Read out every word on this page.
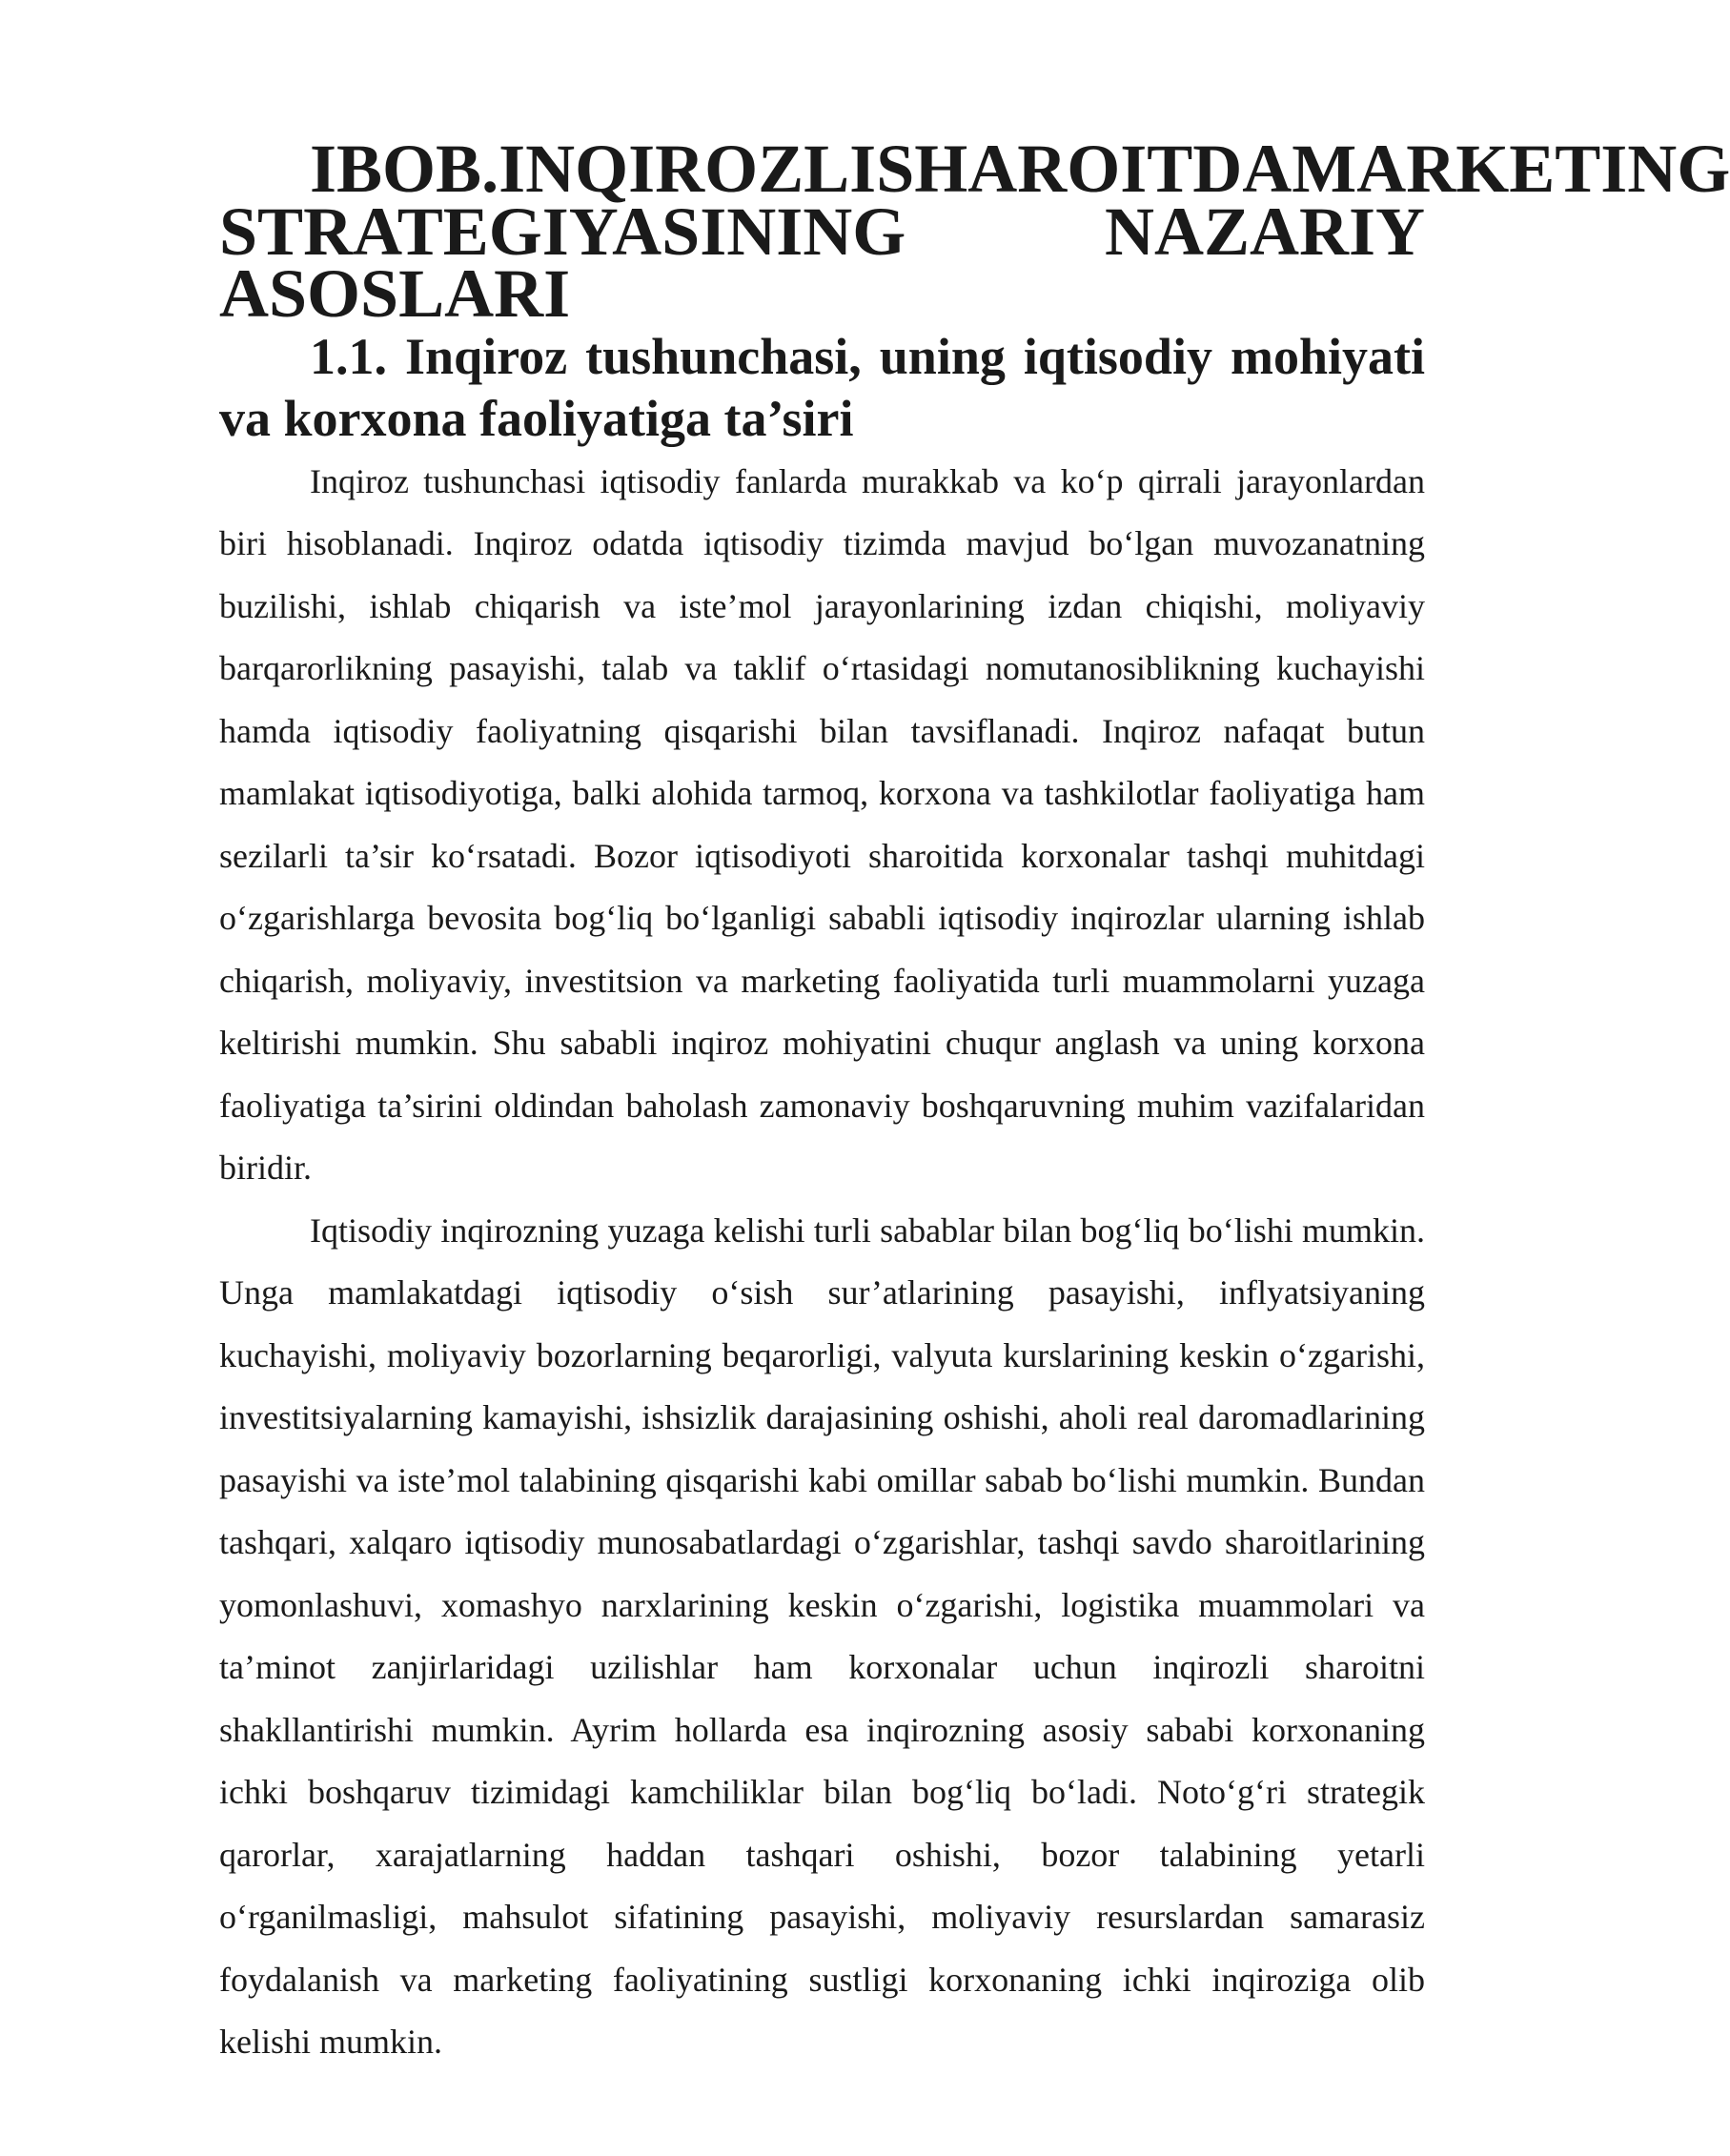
I BOB. INQIROZLI SHAROITDA MARKETING
STRATEGIYASINING NAZARIY ASOSLARI
1.1. Inqiroz tushunchasi, uning iqtisodiy mohiyati va korxona faoliyatiga ta’siri

Inqiroz tushunchasi iqtisodiy fanlarda murakkab va ko‘p qirrali jarayonlardan biri hisoblanadi. Inqiroz odatda iqtisodiy tizimda mavjud bo‘lgan muvozanatning buzilishi, ishlab chiqarish va iste’mol jarayonlarining izdan chiqishi, moliyaviy barqarorlikning pasayishi, talab va taklif o‘rtasidagi nomutanosiblikning kuchayishi hamda iqtisodiy faoliyatning qisqarishi bilan tavsiflanadi. Inqiroz nafaqat butun mamlakat iqtisodiyotiga, balki alohida tarmoq, korxona va tashkilotlar faoliyatiga ham sezilarli ta’sir ko‘rsatadi. Bozor iqtisodiyoti sharoitida korxonalar tashqi muhitdagi o‘zgarishlarga bevosita bog‘liq bo‘lganligi sababli iqtisodiy inqirozlar ularning ishlab chiqarish, moliyaviy, investitsion va marketing faoliyatida turli muammolarni yuzaga keltirishi mumkin. Shu sababli inqiroz mohiyatini chuqur anglash va uning korxona faoliyatiga ta’sirini oldindan baholash zamonaviy boshqaruvning muhim vazifalaridan biridir.

Iqtisodiy inqirozning yuzaga kelishi turli sabablar bilan bog‘liq bo‘lishi mumkin. Unga mamlakatdagi iqtisodiy o‘sish sur’atlarining pasayishi, inflyatsiyaning kuchayishi, moliyaviy bozorlarning beqarorligi, valyuta kurslarining keskin o‘zgarishi, investitsiyalarning kamayishi, ishsizlik darajasining oshishi, aholi real daromadlarining pasayishi va iste’mol talabining qisqarishi kabi omillar sabab bo‘lishi mumkin. Bundan tashqari, xalqaro iqtisodiy munosabatlardagi o‘zgarishlar, tashqi savdo sharoitlarining yomonlashuvi, xomashyo narxlarining keskin o‘zgarishi, logistika muammolari va ta’minot zanjirlaridagi uzilishlar ham korxonalar uchun inqirozli sharoitni shakllantirishi mumkin. Ayrim hollarda esa inqirozning asosiy sababi korxonaning ichki boshqaruv tizimidagi kamchiliklar bilan bog‘liq bo‘ladi. Noto‘g‘ri strategik qarorlar, xarajatlarning haddan tashqari oshishi, bozor talabining yetarli o‘rganilmasligi, mahsulot sifatining pasayishi, moliyaviy resurslardan samarasiz foydalanish va marketing faoliyatining sustligi korxonaning ichki inqiroziga olib kelishi mumkin.
